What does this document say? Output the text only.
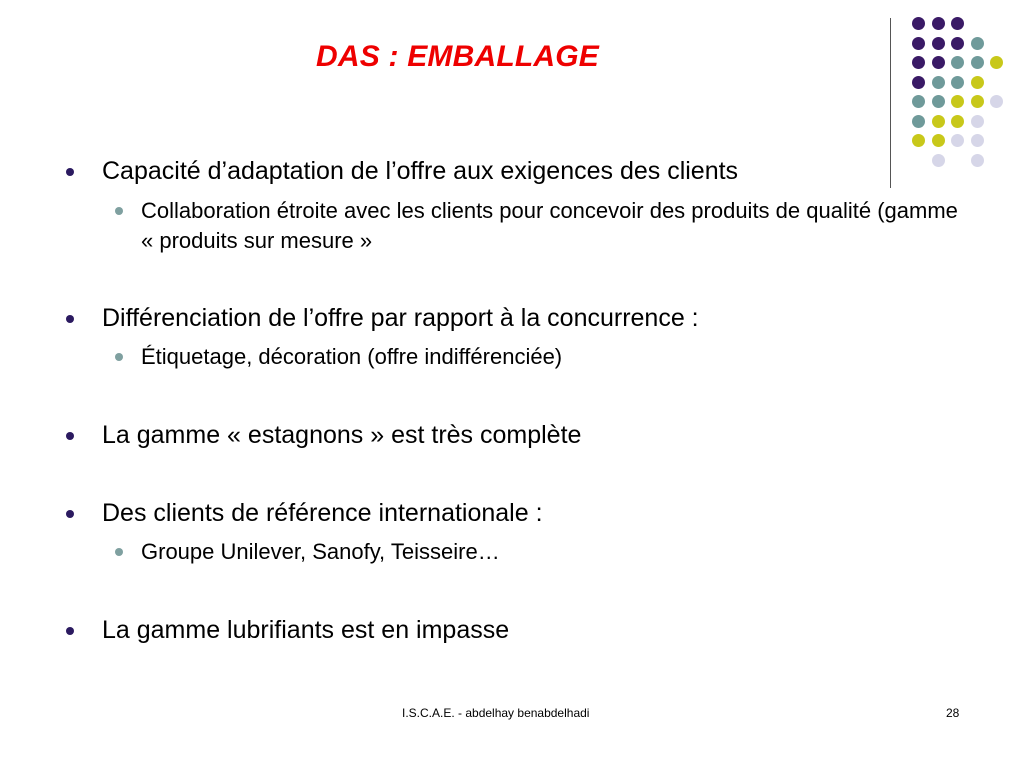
DAS : EMBALLAGE
Capacité d’adaptation de l’offre aux exigences des clients
Collaboration étroite avec les clients pour concevoir des produits de qualité (gamme « produits sur mesure »
Différenciation de l’offre par rapport à la concurrence :
Étiquetage, décoration (offre indifférenciée)
La gamme « estagnons » est très complète
Des clients de référence internationale :
Groupe Unilever, Sanofy, Teisseire…
La gamme lubrifiants est en impasse
I.S.C.A.E. - abdelhay benabdelhadi	28
